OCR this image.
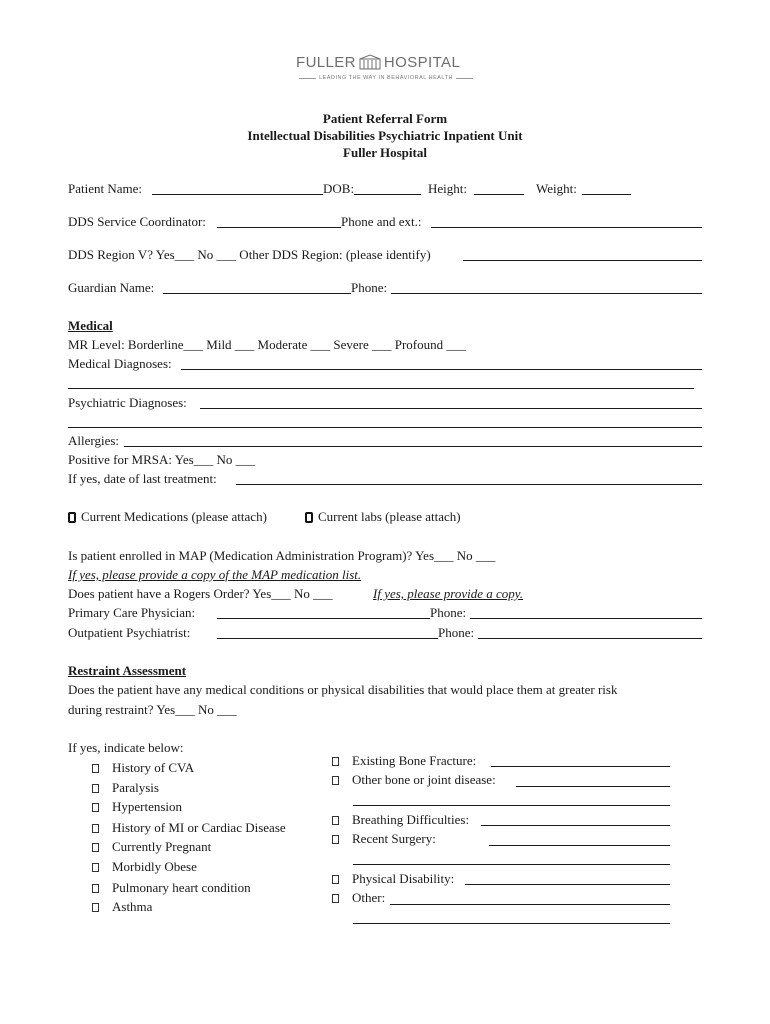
FULLER HOSPITAL
LEADING THE WAY IN BEHAVIORAL HEALTH
Patient Referral Form
Intellectual Disabilities Psychiatric Inpatient Unit
Fuller Hospital
Patient Name:	DOB:	Height:	Weight:
DDS Service Coordinator:	Phone and ext.:
DDS Region V? Yes___ No ___ Other DDS Region: (please identify)
Guardian Name:	Phone:
Medical
MR Level: Borderline___ Mild ___ Moderate ___ Severe ___ Profound ___
Medical Diagnoses:
Psychiatric Diagnoses:
Allergies:
Positive for MRSA: Yes___ No ___
If yes, date of last treatment:
Current Medications (please attach)	Current labs (please attach)
Is patient enrolled in MAP (Medication Administration Program)? Yes___ No ___
If yes, please provide a copy of the MAP medication list.
Does patient have a Rogers Order? Yes___ No ___	If yes, please provide a copy.
Primary Care Physician:	Phone:
Outpatient Psychiatrist:	Phone:
Restraint Assessment
Does the patient have any medical conditions or physical disabilities that would place them at greater risk
during restraint? Yes___ No ___
If yes, indicate below:
History of CVA
Paralysis
Hypertension
History of MI or Cardiac Disease
Currently Pregnant
Morbidly Obese
Pulmonary heart condition
Asthma
Existing Bone Fracture:
Other bone or joint disease:
Breathing Difficulties:
Recent Surgery:
Physical Disability:
Other:
